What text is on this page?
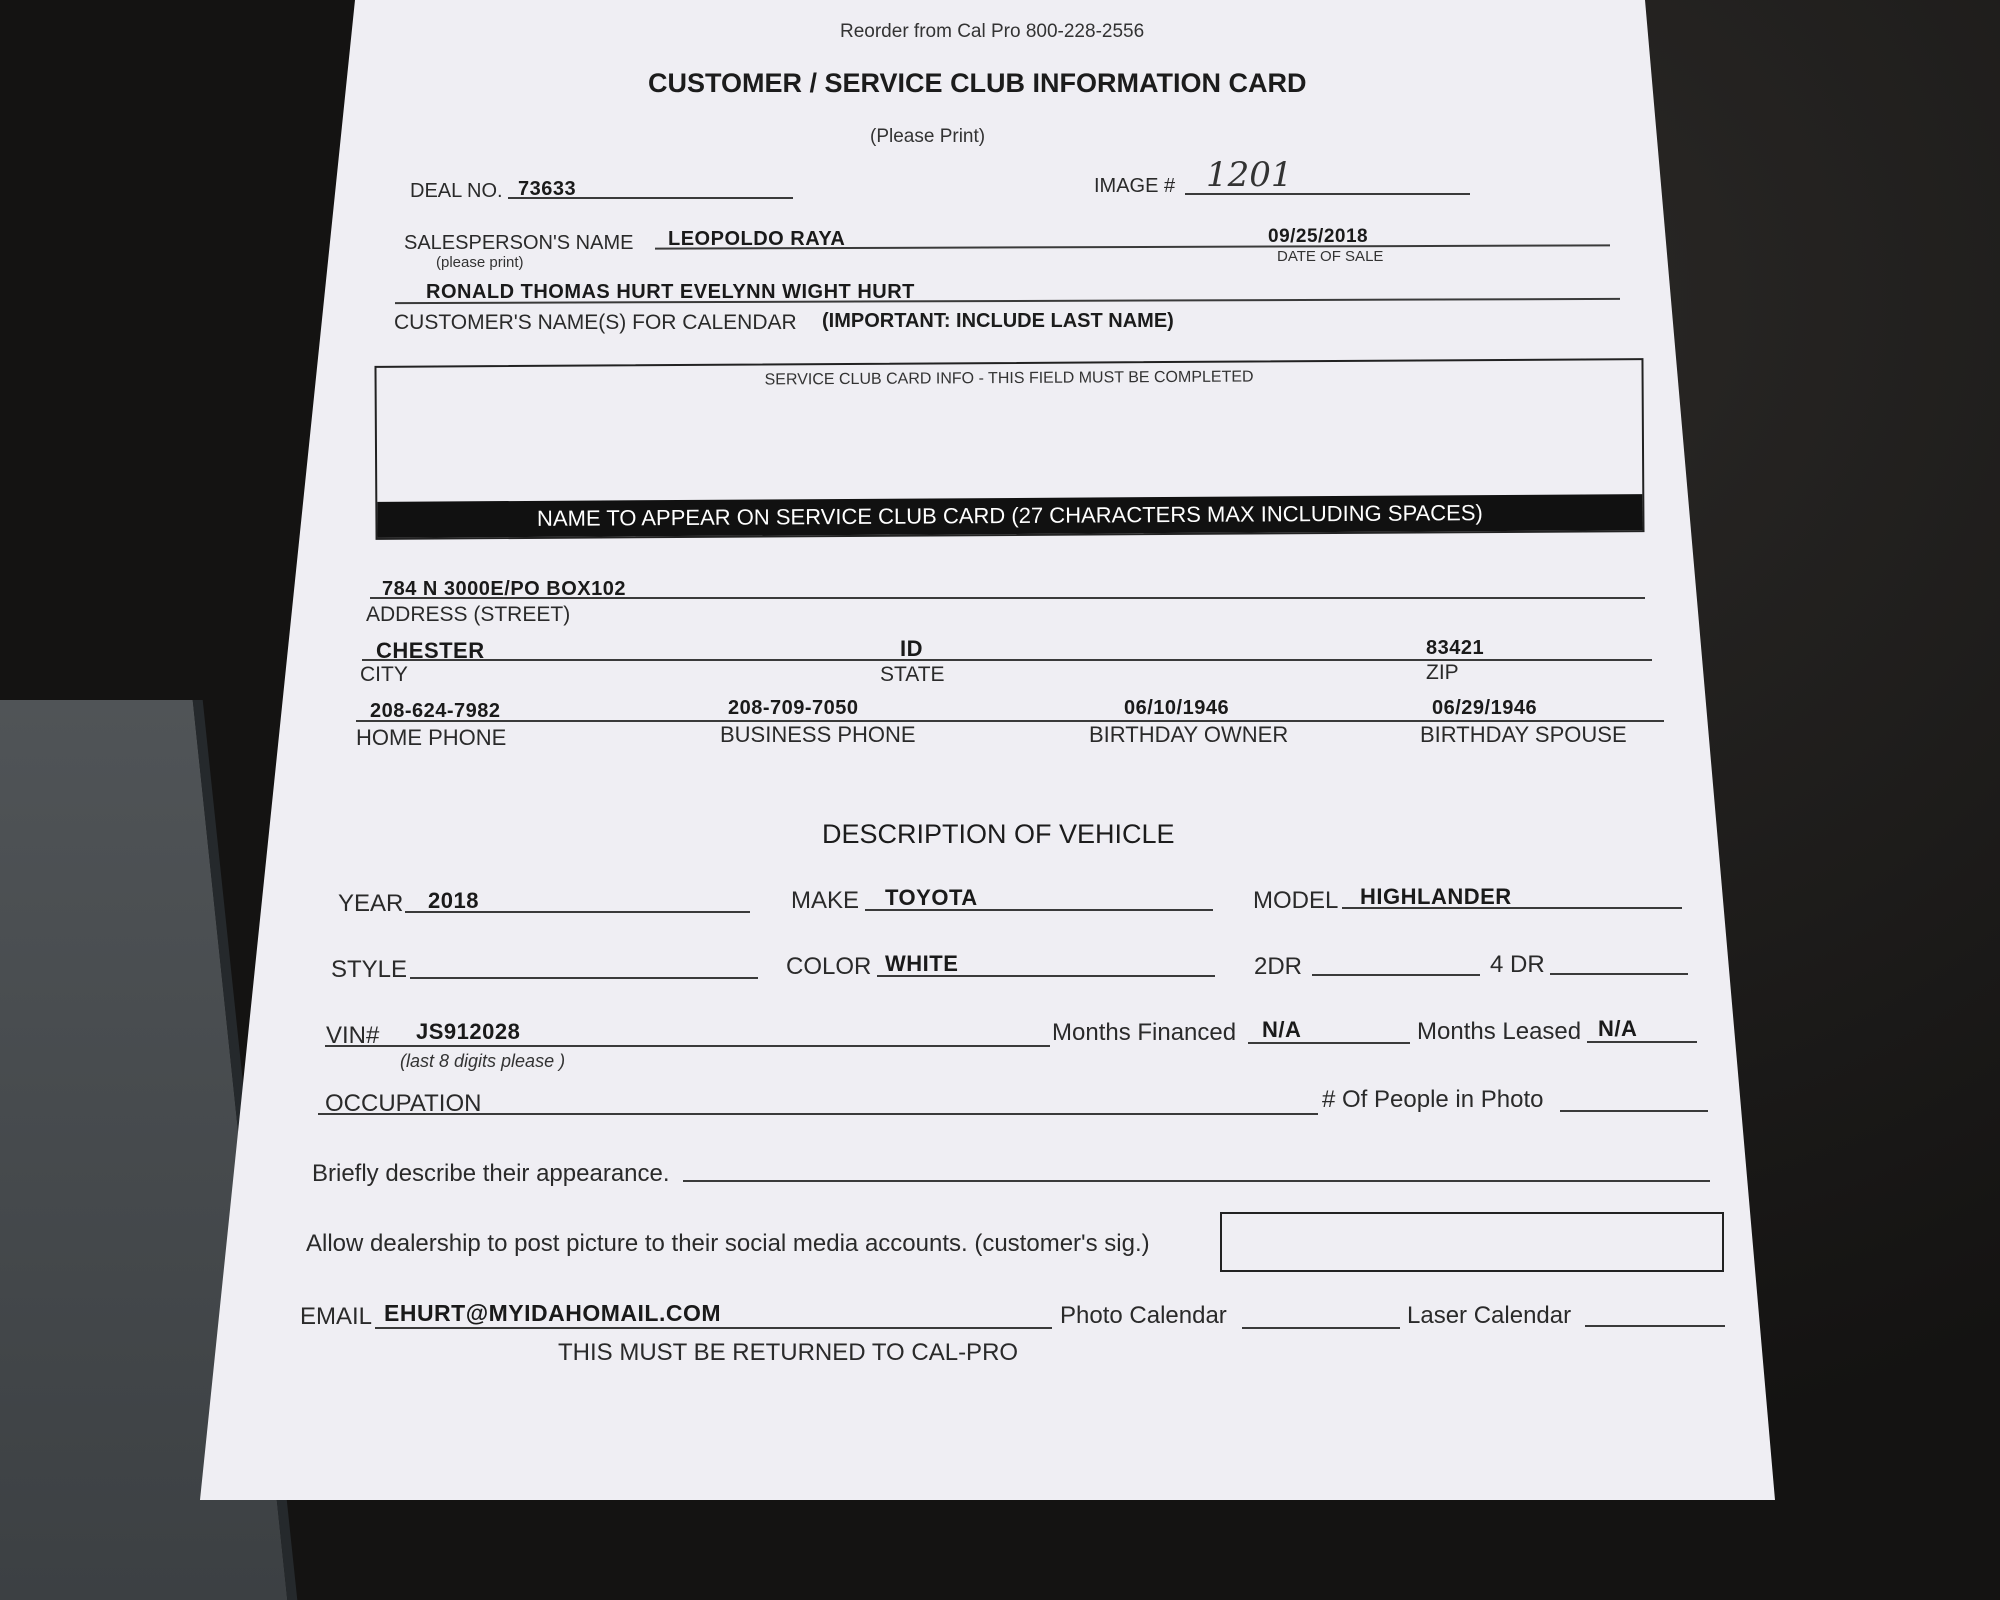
Reorder from Cal Pro 800-228-2556
CUSTOMER / SERVICE CLUB INFORMATION CARD
(Please Print)
DEAL NO. 73633	IMAGE # 1201
SALESPERSON'S NAME
(please print)
LEOPOLDO RAYA	09/25/2018
DATE OF SALE
RONALD THOMAS HURT EVELYNN WIGHT HURT
CUSTOMER'S NAME(S) FOR CALENDAR (IMPORTANT: INCLUDE LAST NAME)
SERVICE CLUB CARD INFO - THIS FIELD MUST BE COMPLETED
NAME TO APPEAR ON SERVICE CLUB CARD (27 CHARACTERS MAX INCLUDING SPACES)
784 N 3000E/PO BOX102
ADDRESS (STREET)
CHESTER	ID	83421
CITY	STATE	ZIP
208-624-7982	208-709-7050	06/10/1946	06/29/1946
HOME PHONE	BUSINESS PHONE	BIRTHDAY OWNER	BIRTHDAY SPOUSE
DESCRIPTION OF VEHICLE
YEAR 2018	MAKE TOYOTA	MODEL HIGHLANDER
STYLE	COLOR WHITE	2DR	4 DR
VIN# JS912028
(last 8 digits please )
Months Financed N/A	Months Leased N/A
OCCUPATION	# Of People in Photo
Briefly describe their appearance.
Allow dealership to post picture to their social media accounts. (customer's sig.)
EMAIL EHURT@MYIDAHOMAIL.COM	Photo Calendar	Laser Calendar
THIS MUST BE RETURNED TO CAL-PRO
